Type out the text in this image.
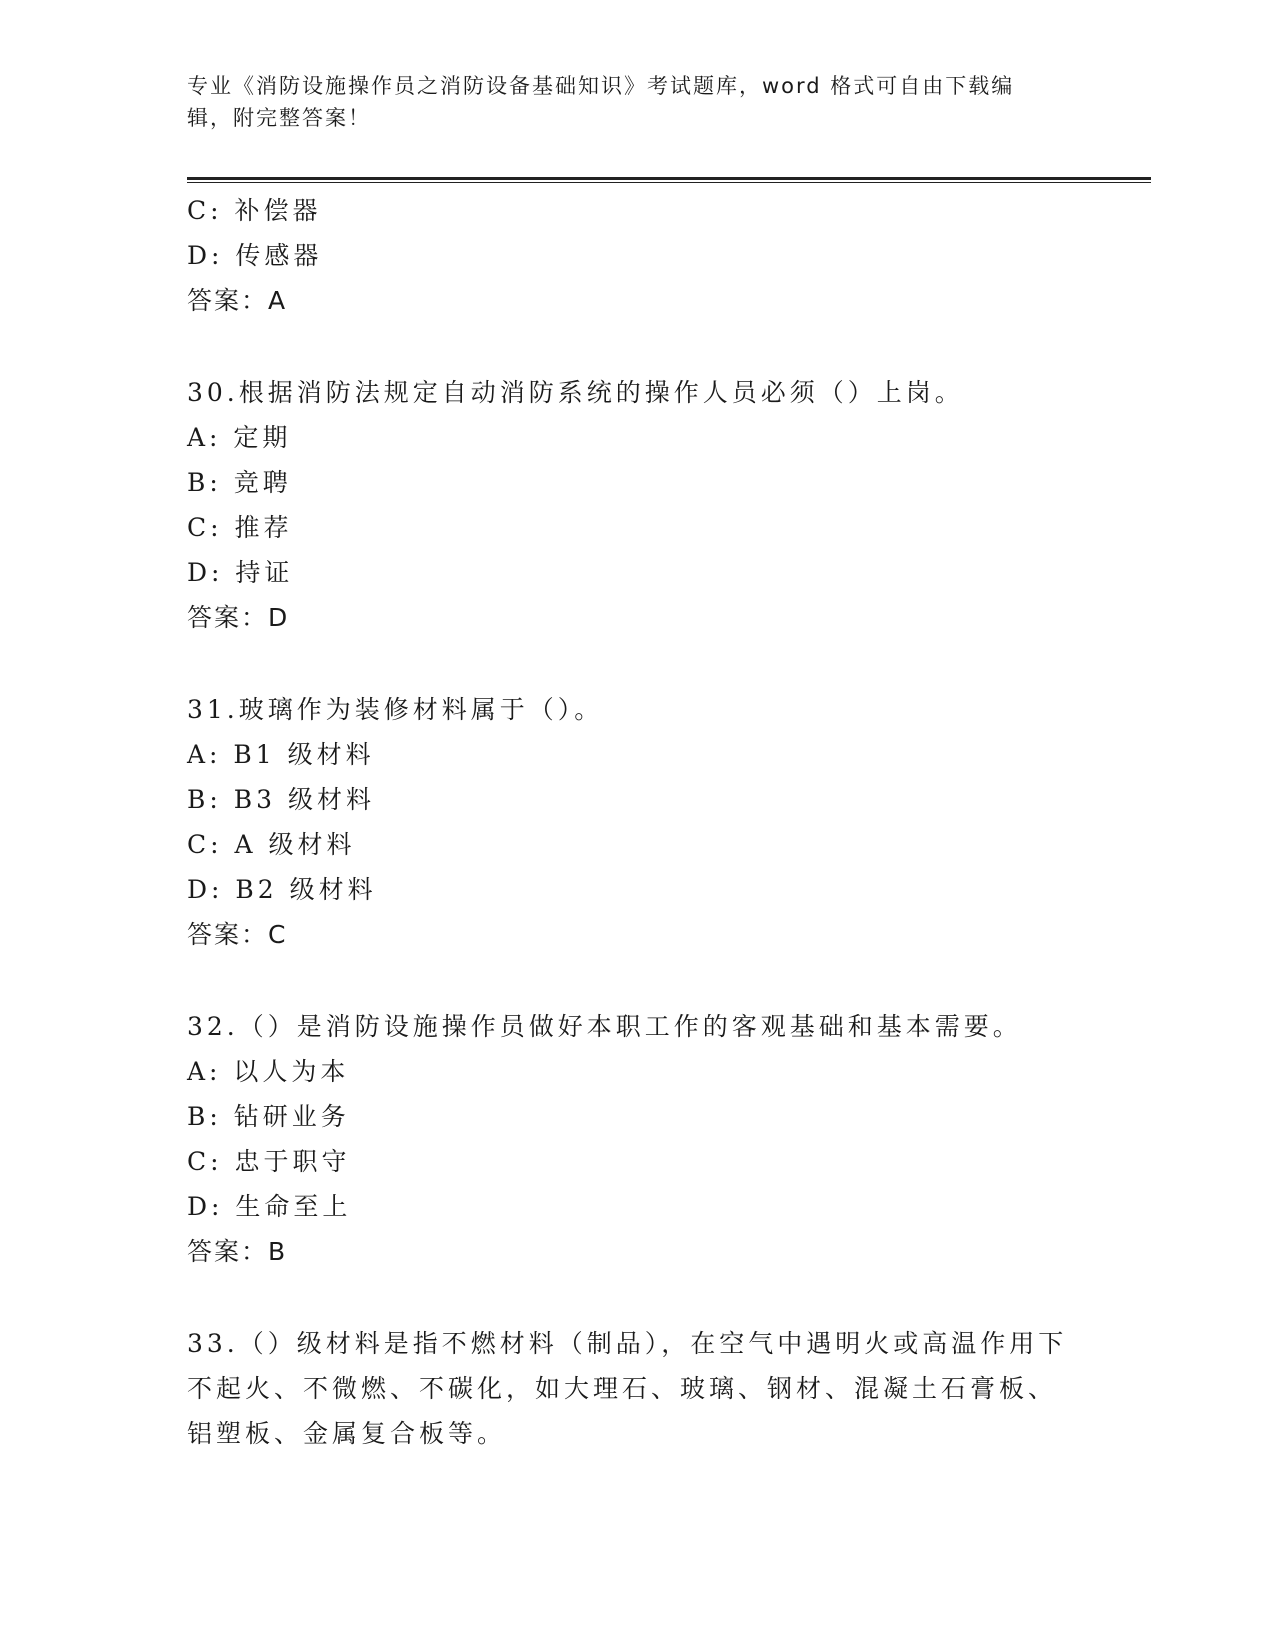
专业《消防设施操作员之消防设备基础知识》考试题库，word 格式可自由下载编
辑，附完整答案！
C: 补偿器
D: 传感器
答案：A
30.根据消防法规定自动消防系统的操作人员必须（）上岗。
A: 定期
B: 竞聘
C: 推荐
D: 持证
答案：D
31.玻璃作为装修材料属于（）。
A: B1 级材料
B: B3 级材料
C: A 级材料
D: B2 级材料
答案：C
32.（）是消防设施操作员做好本职工作的客观基础和基本需要。
A: 以人为本
B: 钻研业务
C: 忠于职守
D: 生命至上
答案：B
33.（）级材料是指不燃材料（制品），在空气中遇明火或高温作用下
不起火、不微燃、不碳化，如大理石、玻璃、钢材、混凝土石膏板、
铝塑板、金属复合板等。
